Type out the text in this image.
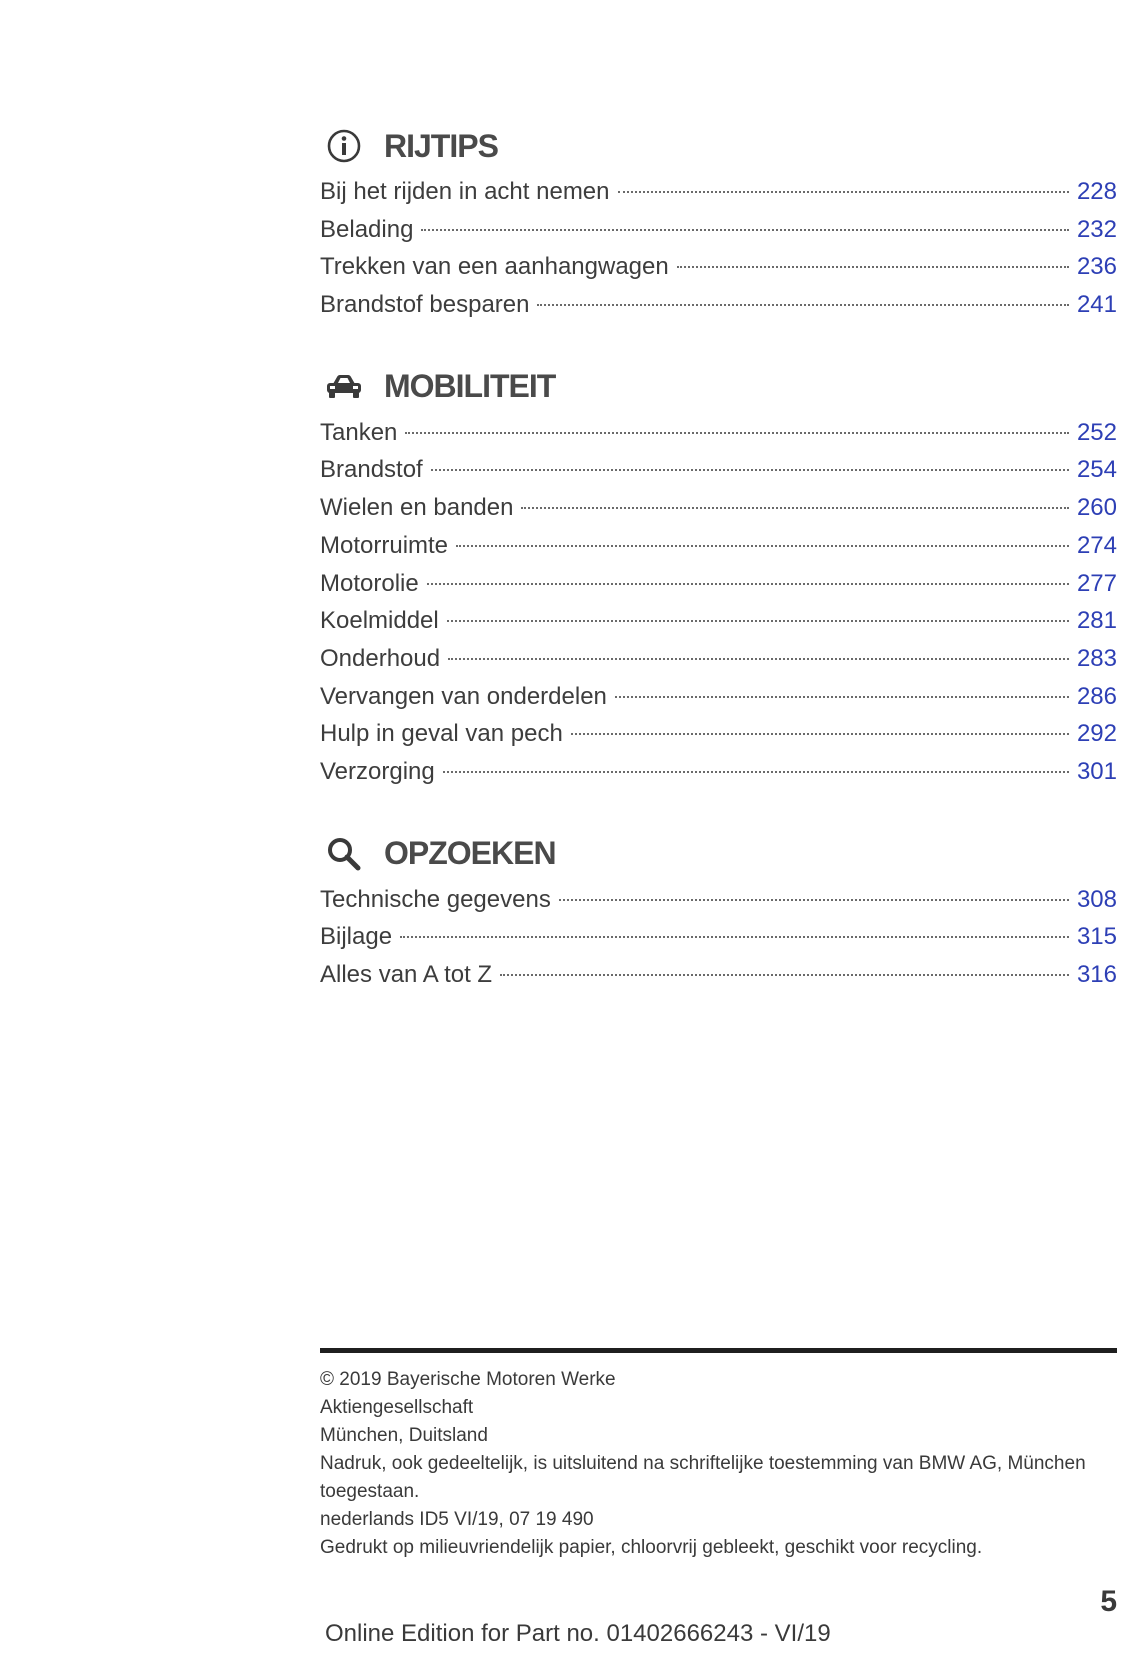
RIJTIPS
Bij het rijden in acht nemen	228
Belading	232
Trekken van een aanhangwagen	236
Brandstof besparen	241
MOBILITEIT
Tanken	252
Brandstof	254
Wielen en banden	260
Motorruimte	274
Motorolie	277
Koelmiddel	281
Onderhoud	283
Vervangen van onderdelen	286
Hulp in geval van pech	292
Verzorging	301
OPZOEKEN
Technische gegevens	308
Bijlage	315
Alles van A tot Z	316

© 2019 Bayerische Motoren Werke

Aktiengesellschaft

München, Duitsland

Nadruk, ook gedeeltelijk, is uitsluitend na schriftelijke toestemming van BMW AG, München toegestaan.

nederlands ID5 VI/19, 07 19 490

Gedrukt op milieuvriendelijk papier, chloorvrij gebleekt, geschikt voor recycling.

5
Online Edition for Part no. 01402666243 - VI/19
